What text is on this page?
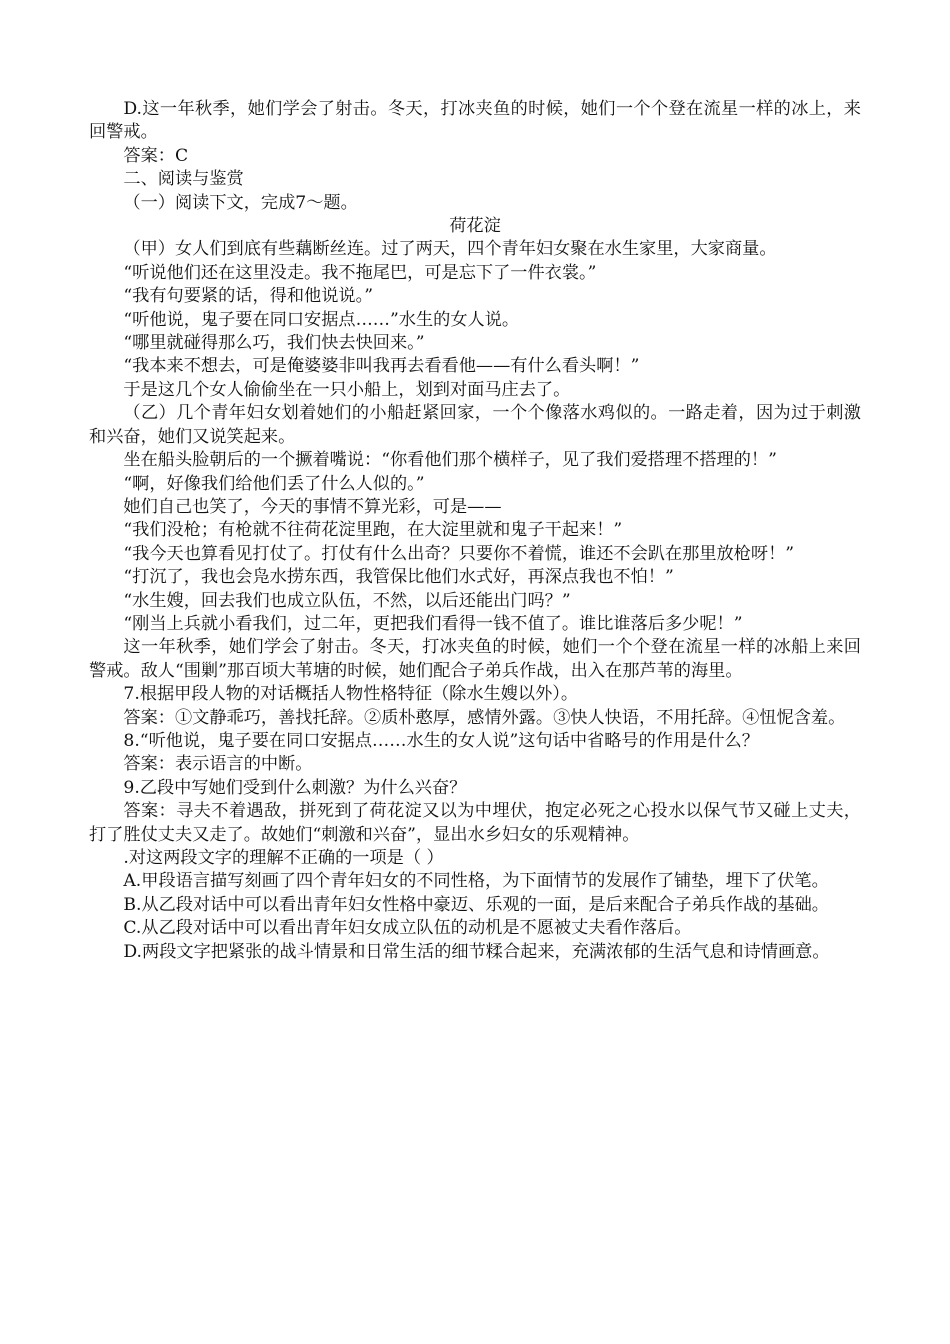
D.这一年秋季，她们学会了射击。冬天，打冰夹鱼的时候，她们一个个登在流星一样的冰上，来回警戒。

答案：C

二、阅读与鉴赏

（一）阅读下文，完成7～题。

荷花淀

（甲）女人们到底有些藕断丝连。过了两天，四个青年妇女聚在水生家里，大家商量。

“听说他们还在这里没走。我不拖尾巴，可是忘下了一件衣裳。”

“我有句要紧的话，得和他说说。”

“听他说，鬼子要在同口安据点……”水生的女人说。

“哪里就碰得那么巧，我们快去快回来。”

“我本来不想去，可是俺婆婆非叫我再去看看他——有什么看头啊！”

于是这几个女人偷偷坐在一只小船上，划到对面马庄去了。

（乙）几个青年妇女划着她们的小船赶紧回家，一个个像落水鸡似的。一路走着，因为过于刺激和兴奋，她们又说笑起来。

坐在船头脸朝后的一个撅着嘴说：“你看他们那个横样子，见了我们爱搭理不搭理的！”

“啊，好像我们给他们丢了什么人似的。”

她们自己也笑了，今天的事情不算光彩，可是——

“我们没枪；有枪就不往荷花淀里跑，在大淀里就和鬼子干起来！”

“我今天也算看见打仗了。打仗有什么出奇？只要你不着慌，谁还不会趴在那里放枪呀！”

“打沉了，我也会凫水捞东西，我管保比他们水式好，再深点我也不怕！”

“水生嫂，回去我们也成立队伍，不然，以后还能出门吗？”

“刚当上兵就小看我们，过二年，更把我们看得一钱不值了。谁比谁落后多少呢！”

这一年秋季，她们学会了射击。冬天，打冰夹鱼的时候，她们一个个登在流星一样的冰船上来回警戒。敌人“围剿”那百顷大苇塘的时候，她们配合子弟兵作战，出入在那芦苇的海里。

7.根据甲段人物的对话概括人物性格特征（除水生嫂以外）。

答案：①文静乖巧，善找托辞。②质朴憨厚，感情外露。③快人快语，不用托辞。④忸怩含羞。

8.“听他说，鬼子要在同口安据点……水生的女人说”这句话中省略号的作用是什么？

答案：表示语言的中断。

9.乙段中写她们受到什么刺激？为什么兴奋？

答案：寻夫不着遇敌，拼死到了荷花淀又以为中埋伏，抱定必死之心投水以保气节又碰上丈夫，打了胜仗丈夫又走了。故她们“刺激和兴奋”，显出水乡妇女的乐观精神。

.对这两段文字的理解不正确的一项是（ ）

A.甲段语言描写刻画了四个青年妇女的不同性格，为下面情节的发展作了铺垫，埋下了伏笔。

B.从乙段对话中可以看出青年妇女性格中豪迈、乐观的一面，是后来配合子弟兵作战的基础。

C.从乙段对话中可以看出青年妇女成立队伍的动机是不愿被丈夫看作落后。

D.两段文字把紧张的战斗情景和日常生活的细节糅合起来，充满浓郁的生活气息和诗情画意。
